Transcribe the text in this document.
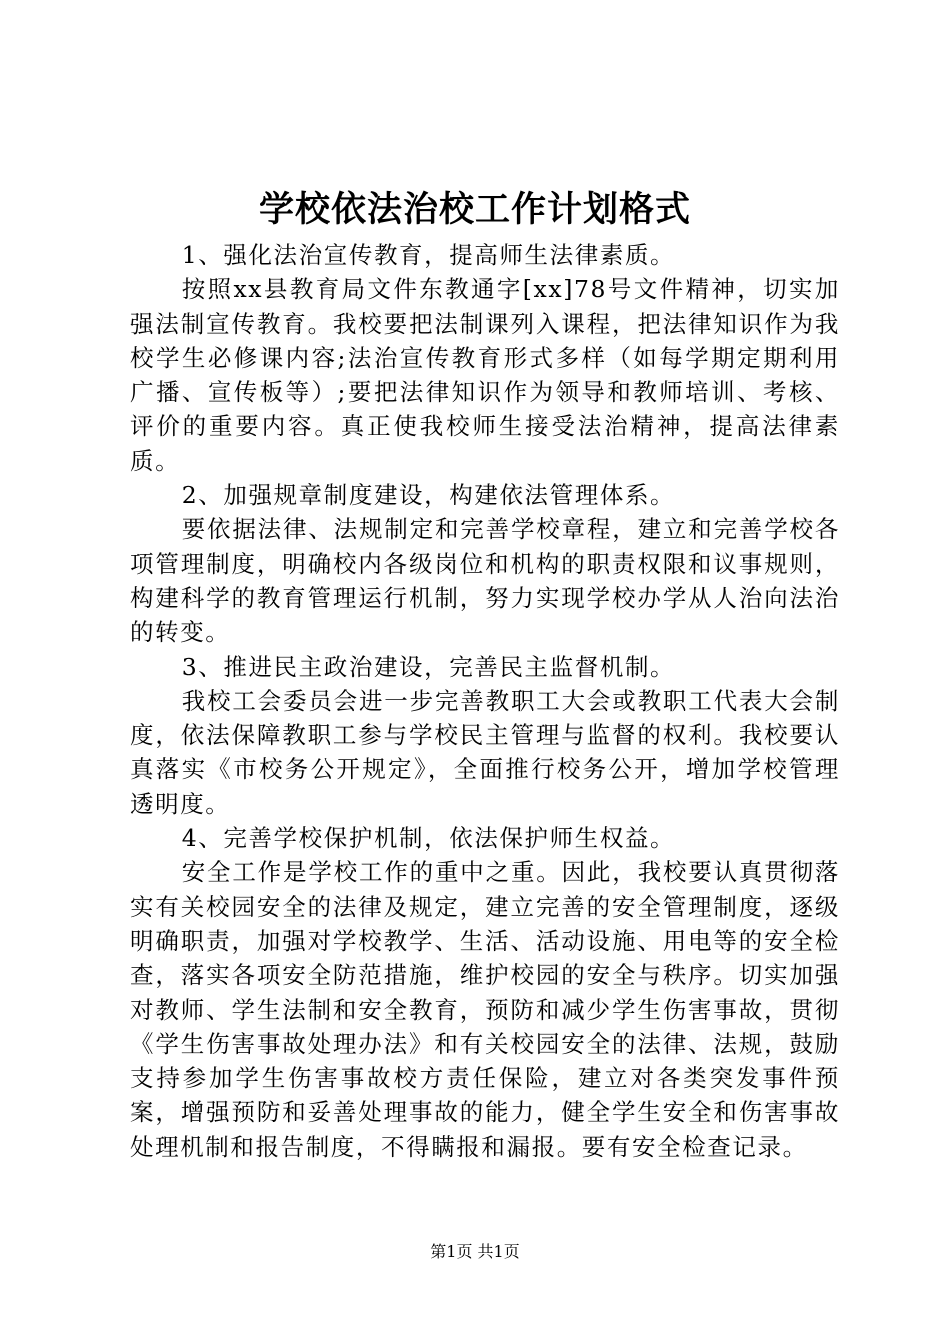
学校依法治校工作计划格式

1、强化法治宣传教育，提高师生法律素质。

按照xx县教育局文件东教通字[xx]78号文件精神，切实加强法制宣传教育。我校要把法制课列入课程，把法律知识作为我校学生必修课内容;法治宣传教育形式多样（如每学期定期利用广播、宣传板等）;要把法律知识作为领导和教师培训、考核、评价的重要内容。真正使我校师生接受法治精神，提高法律素质。

2、加强规章制度建设，构建依法管理体系。

要依据法律、法规制定和完善学校章程，建立和完善学校各项管理制度，明确校内各级岗位和机构的职责权限和议事规则，构建科学的教育管理运行机制，努力实现学校办学从人治向法治的转变。

3、推进民主政治建设，完善民主监督机制。

我校工会委员会进一步完善教职工大会或教职工代表大会制度，依法保障教职工参与学校民主管理与监督的权利。我校要认真落实《市校务公开规定》，全面推行校务公开，增加学校管理透明度。

4、完善学校保护机制，依法保护师生权益。

安全工作是学校工作的重中之重。因此，我校要认真贯彻落实有关校园安全的法律及规定，建立完善的安全管理制度，逐级明确职责，加强对学校教学、生活、活动设施、用电等的安全检查，落实各项安全防范措施，维护校园的安全与秩序。切实加强对教师、学生法制和安全教育，预防和减少学生伤害事故，贯彻《学生伤害事故处理办法》和有关校园安全的法律、法规，鼓励支持参加学生伤害事故校方责任保险，建立对各类突发事件预案，增强预防和妥善处理事故的能力，健全学生安全和伤害事故处理机制和报告制度，不得瞒报和漏报。要有安全检查记录。

第1页 共1页
